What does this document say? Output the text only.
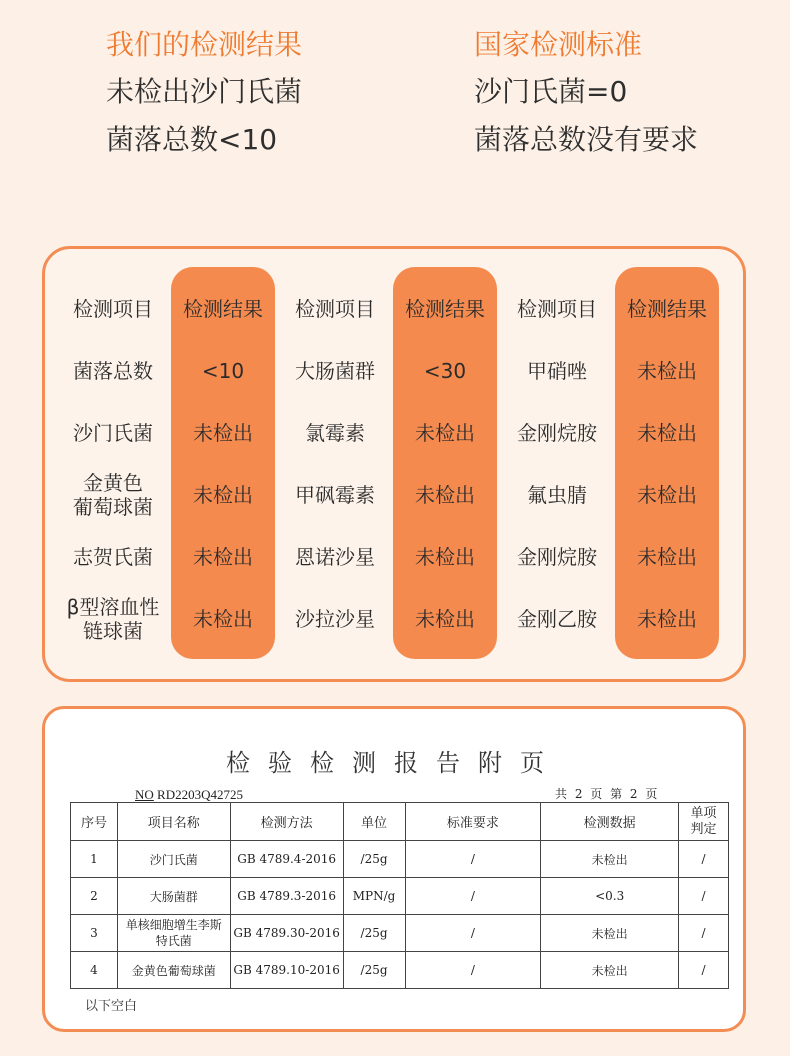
我们的检测结果
未检出沙门氏菌
菌落总数<10
国家检测标准
沙门氏菌=0
菌落总数没有要求
检测项目	检测结果	检测项目	检测结果	检测项目	检测结果
菌落总数	<10	大肠菌群	<30	甲硝唑	未检出
沙门氏菌	未检出	氯霉素	未检出	金刚烷胺	未检出
金黄色
葡萄球菌	未检出	甲砜霉素	未检出	氟虫腈	未检出
志贺氏菌	未检出	恩诺沙星	未检出	金刚烷胺	未检出
β型溶血性
链球菌	未检出	沙拉沙星	未检出	金刚乙胺	未检出
检验检测报告附页
NO RD2203Q42725	共 2 页 第 2 页
序号	项目名称	检测方法	单位	标准要求	检测数据	单项
判定

1	沙门氏菌	GB 4789.4-2016	/25g	/	未检出	/
2	大肠菌群	GB 4789.3-2016	MPN/g	/	<0.3	/
3	单核细胞增生李斯
特氏菌	GB 4789.30-2016	/25g	/	未检出	/
4	金黄色葡萄球菌	GB 4789.10-2016	/25g	/	未检出	/
以下空白
